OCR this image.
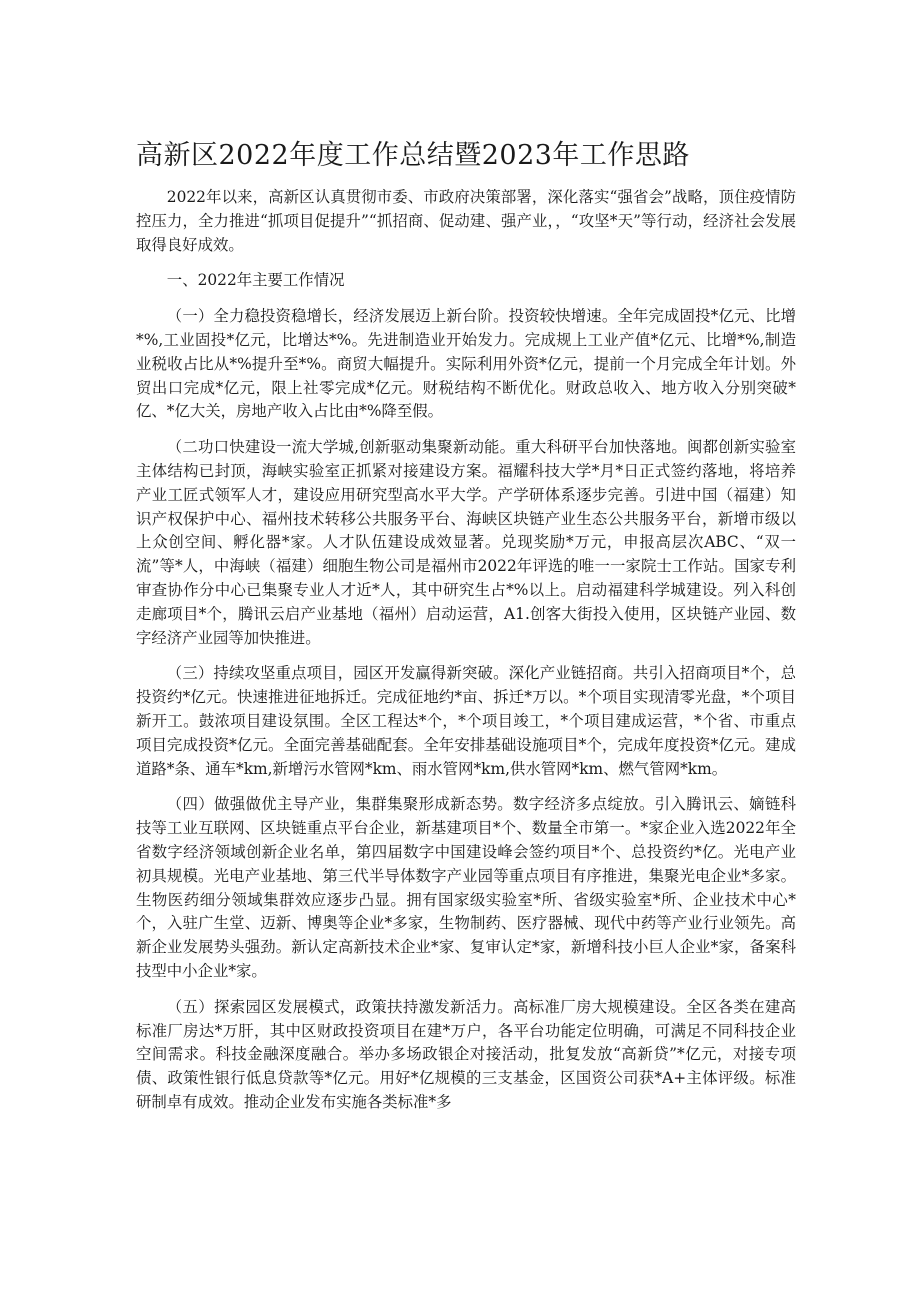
高新区2022年度工作总结暨2023年工作思路

2022年以来，高新区认真贯彻市委、市政府决策部署，深化落实“强省会”战略，顶住疫情防控压力，全力推进“抓项目促提升”“抓招商、促动建、强产业，，“攻坚*天”等行动，经济社会发展取得良好成效。

一、2022年主要工作情况

（一）全力稳投资稳增长，经济发展迈上新台阶。投资较快增速。全年完成固投*亿元、比增*%,工业固投*亿元，比增达*%。先进制造业开始发力。完成规上工业产值*亿元、比增*%,制造业税收占比从*%提升至*%。商贸大幅提升。实际利用外资*亿元，提前一个月完成全年计划。外贸出口完成*亿元，限上社零完成*亿元。财税结构不断优化。财政总收入、地方收入分别突破*亿、*亿大关，房地产收入占比由*%降至假。

（二功口快建设一流大学城,创新驱动集聚新动能。重大科研平台加快落地。闽都创新实验室主体结构已封顶，海峡实验室正抓紧对接建设方案。福耀科技大学*月*日正式签约落地，将培养产业工匠式领军人才，建设应用研究型高水平大学。产学研体系逐步完善。引进中国（福建）知识产权保护中心、福州技术转移公共服务平台、海峡区块链产业生态公共服务平台，新增市级以上众创空间、孵化器*家。人才队伍建设成效显著。兑现奖励*万元，申报高层次ABC、“双一流”等*人，中海峡（福建）细胞生物公司是福州市2022年评选的唯一一家院士工作站。国家专利审查协作分中心已集聚专业人才近*人，其中研究生占*%以上。启动福建科学城建设。列入科创走廊项目*个，腾讯云启产业基地（福州）启动运营，A1.创客大街投入使用，区块链产业园、数字经济产业园等加快推进。

（三）持续攻坚重点项目，园区开发赢得新突破。深化产业链招商。共引入招商项目*个，总投资约*亿元。快速推进征地拆迁。完成征地约*亩、拆迁*万以。*个项目实现清零光盘，*个项目新开工。鼓浓项目建设氛围。全区工程达*个，*个项目竣工，*个项目建成运营，*个省、市重点项目完成投资*亿元。全面完善基础配套。全年安排基础设施项目*个，完成年度投资*亿元。建成道路*条、通车*km,新增污水管网*km、雨水管网*km,供水管网*km、燃气管网*km。

（四）做强做优主导产业，集群集聚形成新态势。数字经济多点绽放。引入腾讯云、嫡链科技等工业互联网、区块链重点平台企业，新基建项目*个、数量全市第一。*家企业入选2022年全省数字经济领域创新企业名单，第四届数字中国建设峰会签约项目*个、总投资约*亿。光电产业初具规模。光电产业基地、第三代半导体数字产业园等重点项目有序推进，集聚光电企业*多家。生物医药细分领域集群效应逐步凸显。拥有国家级实验室*所、省级实验室*所、企业技术中心*个，入驻广生堂、迈新、博奥等企业*多家，生物制药、医疗器械、现代中药等产业行业领先。高新企业发展势头强劲。新认定高新技术企业*家、复审认定*家，新增科技小巨人企业*家，备案科技型中小企业*家。

（五）探索园区发展模式，政策扶持激发新活力。高标准厂房大规模建设。全区各类在建高标准厂房达*万肝，其中区财政投资项目在建*万户，各平台功能定位明确，可满足不同科技企业空间需求。科技金融深度融合。举办多场政银企对接活动，批复发放“高新贷”*亿元，对接专项债、政策性银行低息贷款等*亿元。用好*亿规模的三支基金，区国资公司获*A+主体评级。标准研制卓有成效。推动企业发布实施各类标准*多
